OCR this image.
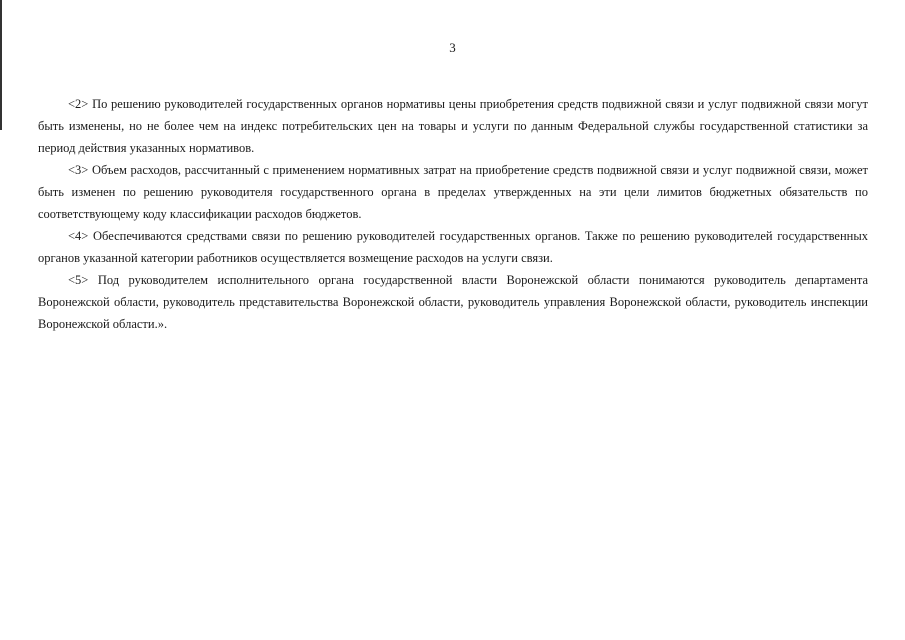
3

<2> По решению руководителей государственных органов нормативы цены приобретения средств подвижной связи и услуг подвижной связи могут быть изменены, но не более чем на индекс потребительских цен на товары и услуги по данным Федеральной службы государственной статистики за период действия указанных нормативов.

<3> Объем расходов, рассчитанный с применением нормативных затрат на приобретение средств подвижной связи и услуг подвижной связи, может быть изменен по решению руководителя государственного органа в пределах утвержденных на эти цели лимитов бюджетных обязательств по соответствующему коду классификации расходов бюджетов.

<4> Обеспечиваются средствами связи по решению руководителей государственных органов. Также по решению руководителей государственных органов указанной категории работников осуществляется возмещение расходов на услуги связи.

<5> Под руководителем исполнительного органа государственной власти Воронежской области понимаются руководитель департамента Воронежской области, руководитель представительства Воронежской области, руководитель управления Воронежской области, руководитель инспекции Воронежской области.».
